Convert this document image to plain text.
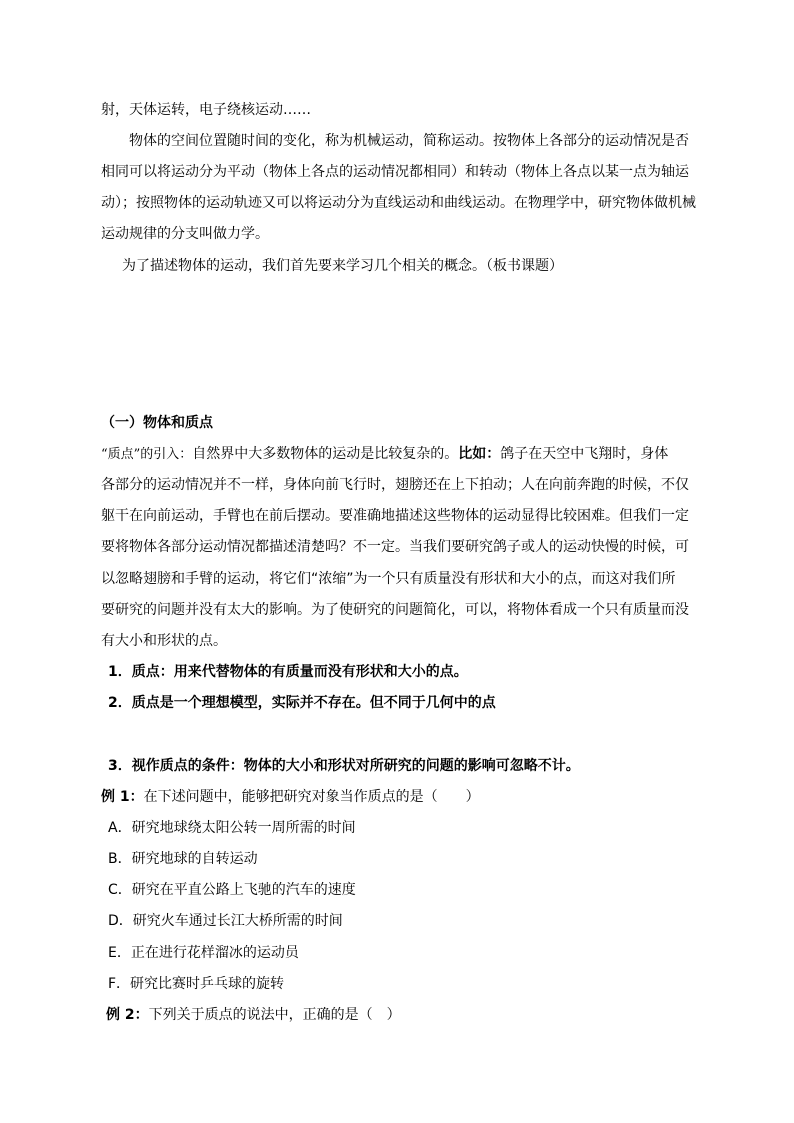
射，天体运转，电子绕核运动……
物体的空间位置随时间的变化，称为机械运动，简称运动。按物体上各部分的运动情况是否
相同可以将运动分为平动（物体上各点的运动情况都相同）和转动（物体上各点以某一点为轴运
动）；按照物体的运动轨迹又可以将运动分为直线运动和曲线运动。在物理学中，研究物体做机械
运动规律的分支叫做力学。
为了描述物体的运动，我们首先要来学习几个相关的概念。（板书课题）
（一）物体和质点
“质点”的引入：自然界中大多数物体的运动是比较复杂的。比如：鸽子在天空中飞翔时，身体
各部分的运动情况并不一样，身体向前飞行时，翅膀还在上下拍动；人在向前奔跑的时候，不仅
躯干在向前运动，手臂也在前后摆动。要准确地描述这些物体的运动显得比较困难。但我们一定
要将物体各部分运动情况都描述清楚吗？不一定。当我们要研究鸽子或人的运动快慢的时候，可
以忽略翅膀和手臂的运动，将它们“浓缩”为一个只有质量没有形状和大小的点，而这对我们所
要研究的问题并没有太大的影响。为了使研究的问题简化，可以，将物体看成一个只有质量而没
有大小和形状的点。
1．质点：用来代替物体的有质量而没有形状和大小的点。
2．质点是一个理想模型，实际并不存在。但不同于几何中的点
3．视作质点的条件：物体的大小和形状对所研究的问题的影响可忽略不计。
例 1：在下述问题中，能够把研究对象当作质点的是（　　）
A．研究地球绕太阳公转一周所需的时间
B．研究地球的自转运动
C．研究在平直公路上飞驰的汽车的速度
D．研究火车通过长江大桥所需的时间
E．正在进行花样溜冰的运动员
F．研究比赛时乒乓球的旋转
例 2：下列关于质点的说法中，正确的是（　）
